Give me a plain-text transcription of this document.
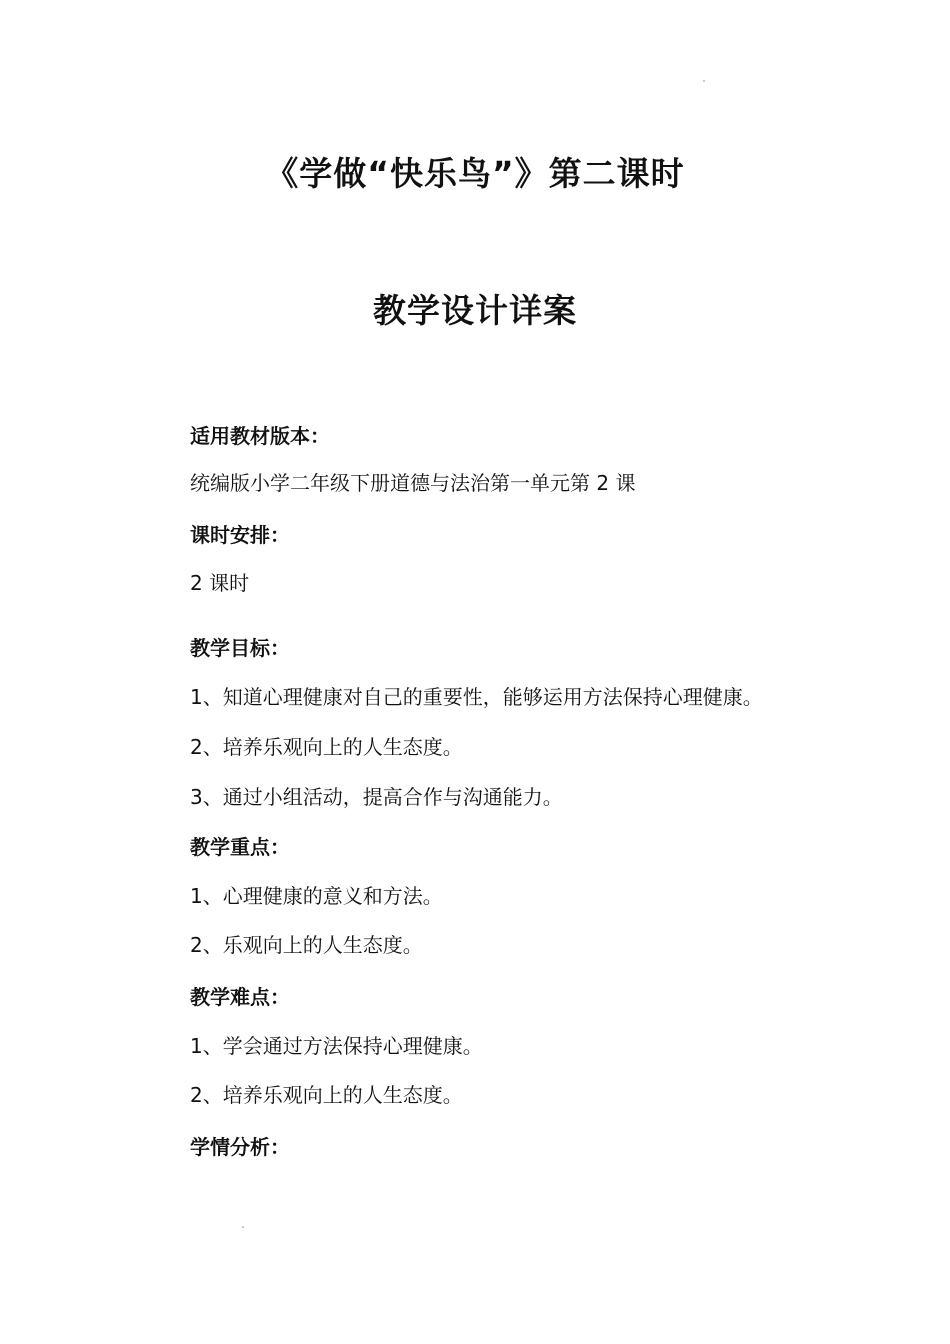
《学做“快乐鸟”》第二课时
教学设计详案
适用教材版本：
统编版小学二年级下册道德与法治第一单元第 2 课
课时安排：
2 课时
教学目标：
1、知道心理健康对自己的重要性，能够运用方法保持心理健康。
2、培养乐观向上的人生态度。
3、通过小组活动，提高合作与沟通能力。
教学重点：
1、心理健康的意义和方法。
2、乐观向上的人生态度。
教学难点：
1、学会通过方法保持心理健康。
2、培养乐观向上的人生态度。
学情分析：
